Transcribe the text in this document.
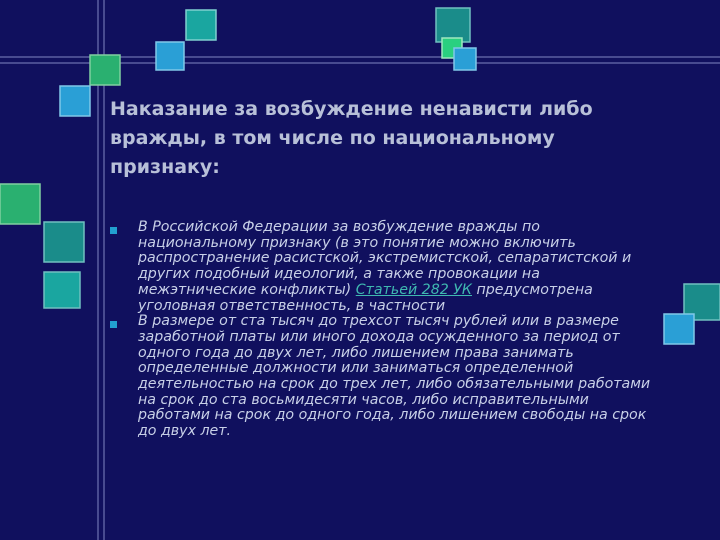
Наказание за возбуждение ненависти либо вражды, в том числе по национальному признаку:
В Российской Федерации за возбуждение вражды по национальному признаку (в это понятие можно включить распространение расистской, экстремистской, сепаратистской и других подобный идеологий, а также провокации на межэтнические конфликты) Статьей 282 УК предусмотрена уголовная ответственность, в частности
В размере от ста тысяч до трехсот тысяч рублей или в размере заработной платы или иного дохода осужденного за период от одного года до двух лет, либо лишением права занимать определенные должности или заниматься определенной деятельностью на срок до трех лет, либо обязательными работами на срок до ста восьмидесяти часов, либо исправительными работами на срок до одного года, либо лишением свободы на срок до двух лет.
